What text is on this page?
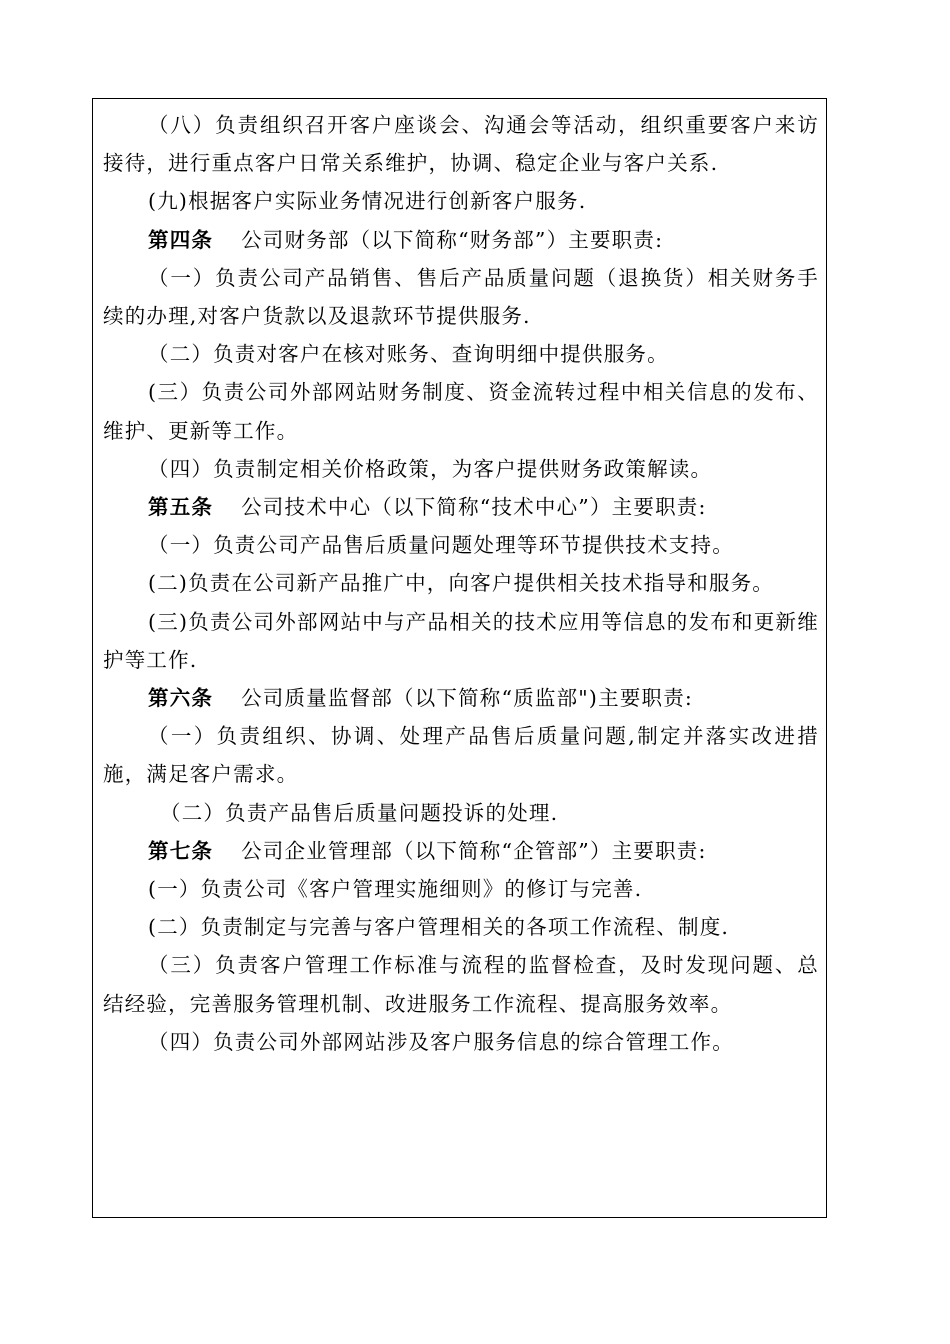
（八）负责组织召开客户座谈会、沟通会等活动，组织重要客户来访接待，进行重点客户日常关系维护，协调、稳定企业与客户关系.

(九)根据客户实际业务情况进行创新客户服务.

第四条 公司财务部（以下简称“财务部”）主要职责:

（一）负责公司产品销售、售后产品质量问题（退换货）相关财务手续的办理,对客户货款以及退款环节提供服务.

（二）负责对客户在核对账务、查询明细中提供服务。

(三）负责公司外部网站财务制度、资金流转过程中相关信息的发布、维护、更新等工作。

（四）负责制定相关价格政策，为客户提供财务政策解读。

第五条 公司技术中心（以下简称“技术中心”）主要职责:

（一）负责公司产品售后质量问题处理等环节提供技术支持。

(二)负责在公司新产品推广中，向客户提供相关技术指导和服务。

(三)负责公司外部网站中与产品相关的技术应用等信息的发布和更新维护等工作.

第六条 公司质量监督部（以下简称“质监部")主要职责:

（一）负责组织、协调、处理产品售后质量问题,制定并落实改进措施，满足客户需求。

（二）负责产品售后质量问题投诉的处理.

第七条 公司企业管理部（以下简称“企管部”）主要职责:

(一）负责公司《客户管理实施细则》的修订与完善.

(二）负责制定与完善与客户管理相关的各项工作流程、制度.

（三）负责客户管理工作标准与流程的监督检查，及时发现问题、总结经验，完善服务管理机制、改进服务工作流程、提高服务效率。

（四）负责公司外部网站涉及客户服务信息的综合管理工作。
